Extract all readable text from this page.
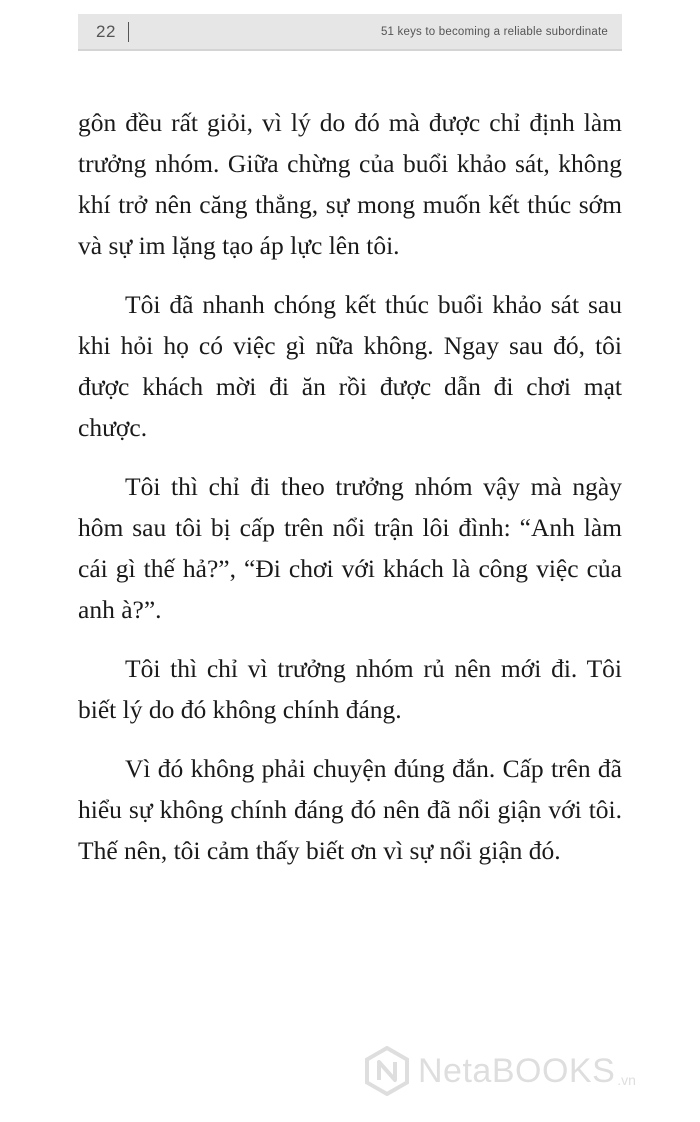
22	51 keys to becoming a reliable subordinate

gôn đều rất giỏi, vì lý do đó mà được chỉ định làm trưởng nhóm. Giữa chừng của buổi khảo sát, không khí trở nên căng thẳng, sự mong muốn kết thúc sớm và sự im lặng tạo áp lực lên tôi.

Tôi đã nhanh chóng kết thúc buổi khảo sát sau khi hỏi họ có việc gì nữa không. Ngay sau đó, tôi được khách mời đi ăn rồi được dẫn đi chơi mạt chược.

Tôi thì chỉ đi theo trưởng nhóm vậy mà ngày hôm sau tôi bị cấp trên nổi trận lôi đình: “Anh làm cái gì thế hả?”, “Đi chơi với khách là công việc của anh à?”.

Tôi thì chỉ vì trưởng nhóm rủ nên mới đi. Tôi biết lý do đó không chính đáng.

Vì đó không phải chuyện đúng đắn. Cấp trên đã hiểu sự không chính đáng đó nên đã nổi giận với tôi. Thế nên, tôi cảm thấy biết ơn vì sự nổi giận đó.

NetaBOOKS .vn
